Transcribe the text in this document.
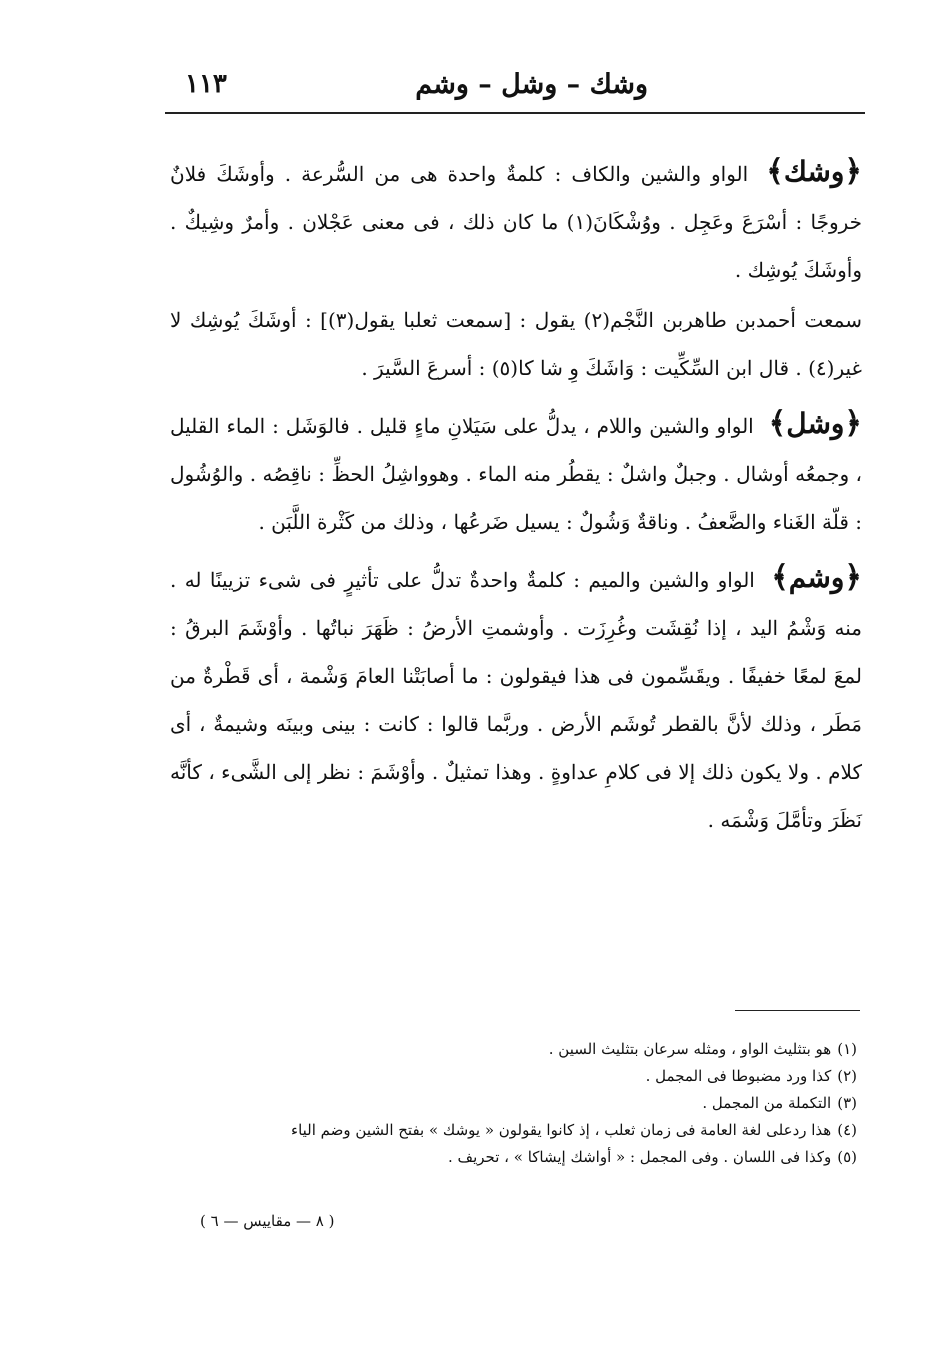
وشك – وشل – وشم
١١٣

﴿وشك﴾ الواو والشين والكاف : كلمةٌ واحدة هى من السُّرعة . وأوشَكَ فلانٌ خروجًا : أسْرَعَ وعَجِل . ووُشْكَانَ(١) ما كان ذلك ، فى معنى عَجْلان . وأمرٌ وشِيكٌ . وأوشَكَ يُوشِك .

سمعت أحمدبن طاهربن النَّجْم(٢) يقول : [سمعت ثعلبا يقول(٣)] : أوشَكَ يُوشِك لا غير(٤) . قال ابن السِّكِّيت : وَاشَكَ وِ شا كا(٥) : أسرعَ السَّيرَ .

﴿وشل﴾ الواو والشين واللام ، يدلُّ على سَيَلانِ ماءٍ قليل . فالوَشَل : الماء القليل ، وجمعُه أوشال . وجبلٌ واشلٌ : يقطُر منه الماء . وهوواشِلُ الحظِّ : ناقِصُه . والوُشُول : قلّة الغَناء والضَّعفُ . وناقةٌ وَشُولٌ : يسيل ضَرعُها ، وذلك من كَثْرة اللَّبَن .

﴿وشم﴾ الواو والشين والميم : كلمةٌ واحدةٌ تدلُّ على تأثيرٍ فى شىء تزيينًا له . منه وَشْمُ اليد ، إذا نُقِشَت وغُرِزَت . وأوشمتِ الأرضُ : ظَهَرَ نباتُها . وأوْشَمَ البرقُ : لمعَ لمعًا خفيفًا . ويقَسِّمون فى هذا فيقولون : ما أصابَتْنا العامَ وَشْمة ، أى قَطْرةٌ من مَطَر ، وذلك لأنَّ بالقطر تُوشَم الأرض . وربَّما قالوا : كانت : بينى وبينَه وشيمةٌ ، أى كلام . ولا يكون ذلك إلا فى كلامِ عداوةٍ . وهذا تمثيلٌ . وأوْشَمَ : نظر إلى الشَّىء ، كأنَّه نَظَرَ وتأمَّلَ وَشْمَه .

(١)هو بتثليث الواو ، ومثله سرعان بتثليث السين .
(٢)كذا ورد مضبوطا فى المجمل .
(٣)التكملة من المجمل .
(٤)هذا ردعلى لغة العامة فى زمان ثعلب ، إذ كانوا يقولون « يوشك » بفتح الشين وضم الياء
(٥)وكذا فى اللسان . وفى المجمل : « أواشك إيشاكا » ، تحريف .
( ٨ — مقاييس — ٦ )
